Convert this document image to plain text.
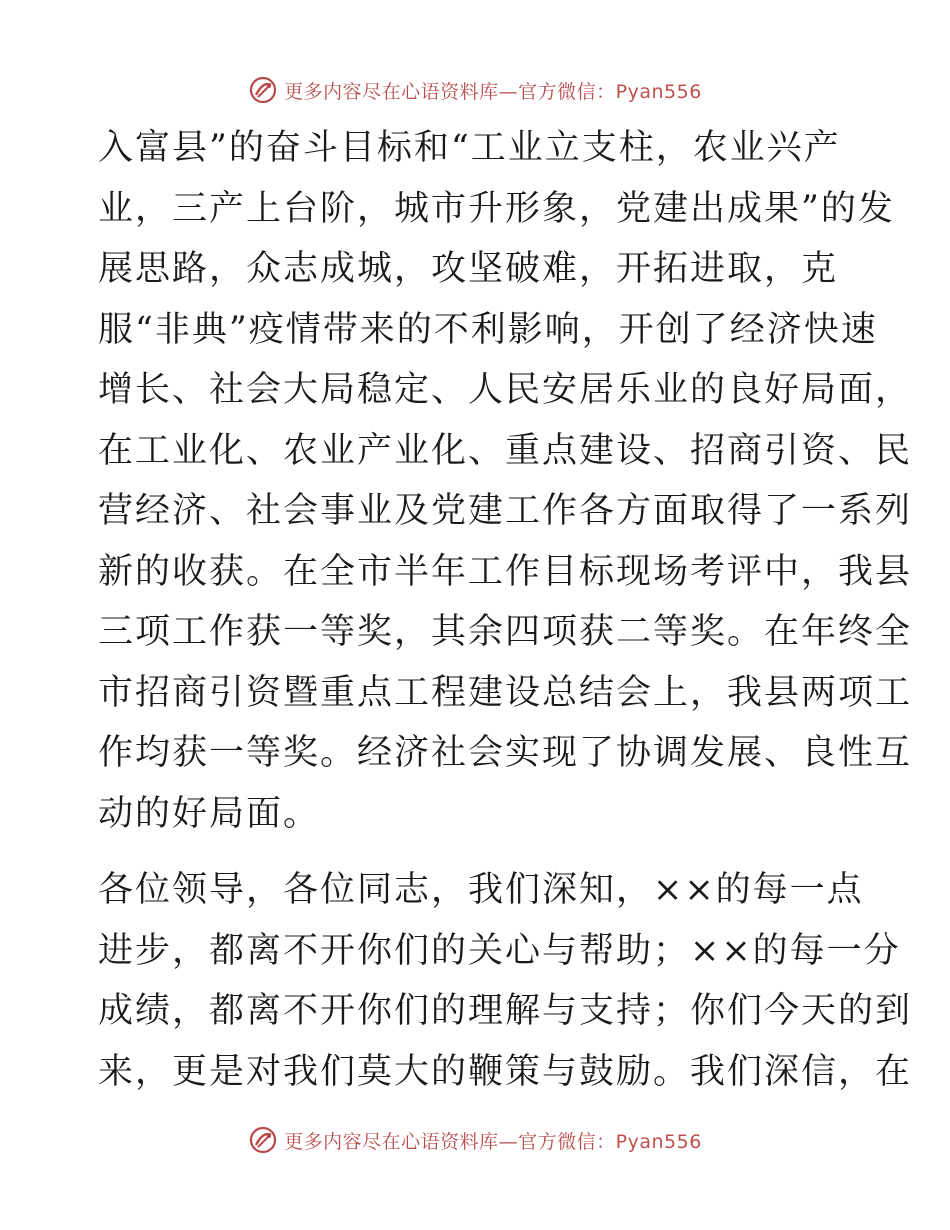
更多内容尽在心语资料库—官方微信：Pyan556
入富县”的奋斗目标和“工业立支柱，农业兴产
业，三产上台阶，城市升形象，党建出成果”的发
展思路，众志成城，攻坚破难，开拓进取，克
服“非典”疫情带来的不利影响，开创了经济快速
增长、社会大局稳定、人民安居乐业的良好局面，
在工业化、农业产业化、重点建设、招商引资、民
营经济、社会事业及党建工作各方面取得了一系列
新的收获。在全市半年工作目标现场考评中，我县
三项工作获一等奖，其余四项获二等奖。在年终全
市招商引资暨重点工程建设总结会上，我县两项工
作均获一等奖。经济社会实现了协调发展、良性互
动的好局面。
各位领导，各位同志，我们深知，××的每一点
进步，都离不开你们的关心与帮助；××的每一分
成绩，都离不开你们的理解与支持；你们今天的到
来，更是对我们莫大的鞭策与鼓励。我们深信，在
更多内容尽在心语资料库—官方微信：Pyan556
